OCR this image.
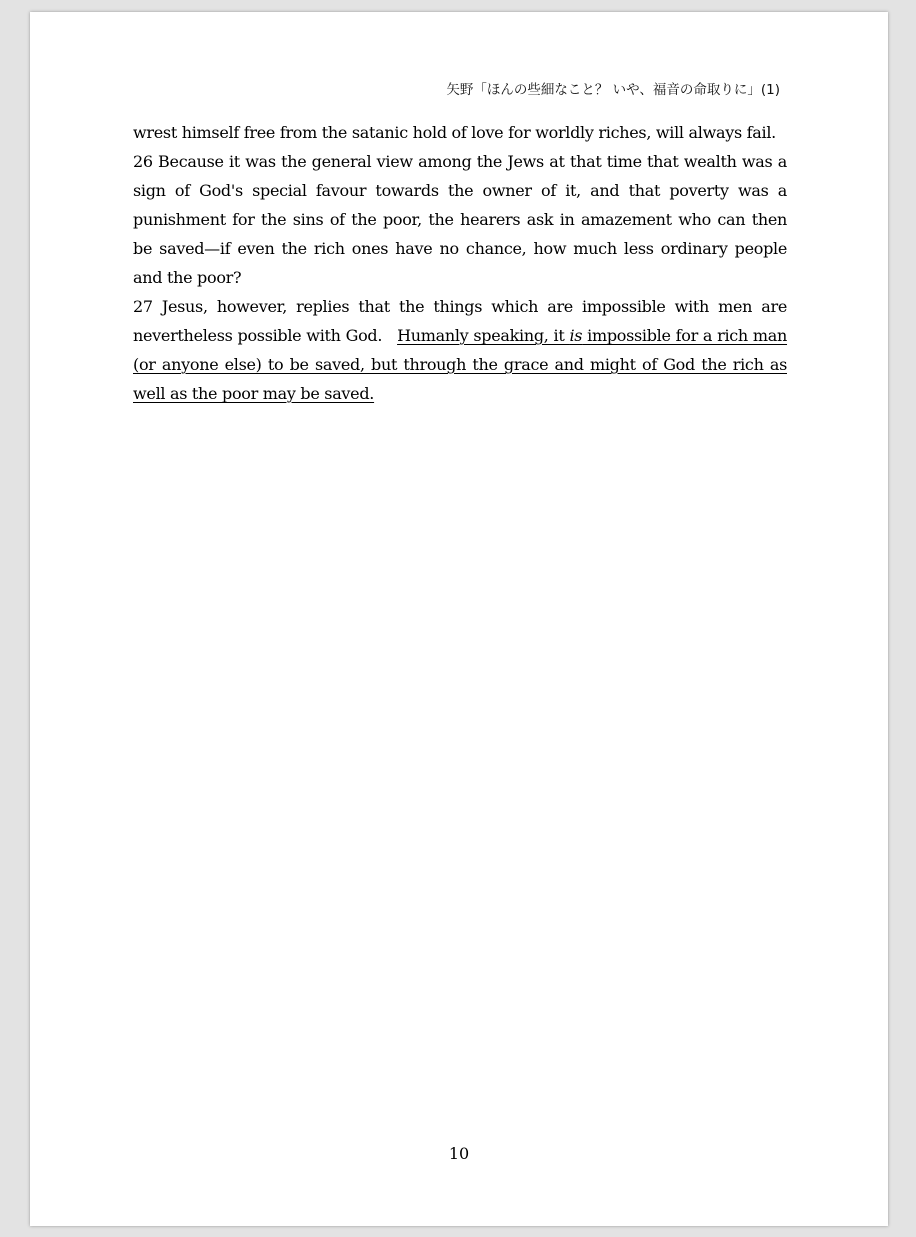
矢野「ほんの些細なこと？ いや、福音の命取りに」(1)

wrest himself free from the satanic hold of love for worldly riches, will always fail.

26 Because it was the general view among the Jews at that time that wealth was a sign of God's special favour towards the owner of it, and that poverty was a punishment for the sins of the poor, the hearers ask in amazement who can then be saved—if even the rich ones have no chance, how much less ordinary people and the poor?

27 Jesus, however, replies that the things which are impossible with men are nevertheless possible with God. Humanly speaking, it is impossible for a rich man (or anyone else) to be saved, but through the grace and might of God the rich as well as the poor may be saved.

10
